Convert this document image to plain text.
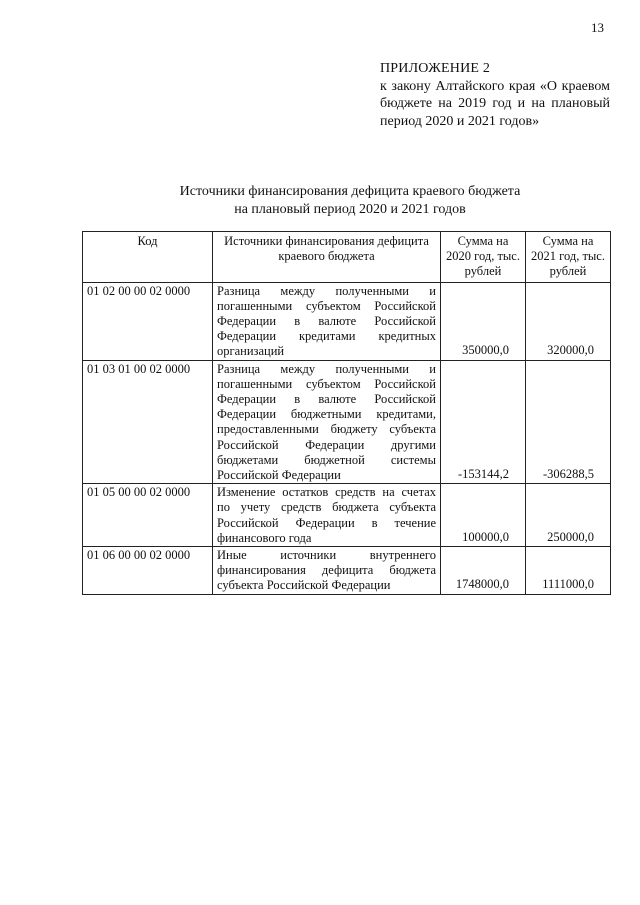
13
ПРИЛОЖЕНИЕ 2
к закону Алтайского края «О краевом бюджете на 2019 год и на плановый период 2020 и 2021 годов»
Источники финансирования дефицита краевого бюджета
на плановый период 2020 и 2021 годов
Код	Источники финансирования дефицита краевого бюджета	Сумма на 2020 год, тыс. рублей	Сумма на 2021 год, тыс. рублей
01 02 00 00 02 0000	Разница между полученными и погашенными субъектом Российской Федерации в валюте Российской Федерации кредитами кредитных организаций	350000,0	320000,0
01 03 01 00 02 0000	Разница между полученными и погашенными субъектом Российской Федерации в валюте Российской Федерации бюджетными кредитами, предоставленными бюджету субъекта Российской Федерации другими бюджетами бюджетной системы Российской Федерации	-153144,2	-306288,5
01 05 00 00 02 0000	Изменение остатков средств на счетах по учету средств бюджета субъекта Российской Федерации в течение финансового года	100000,0	250000,0
01 06 00 00 02 0000	Иные источники внутреннего финансирования дефицита бюджета субъекта Российской Федерации	1748000,0	1111000,0
